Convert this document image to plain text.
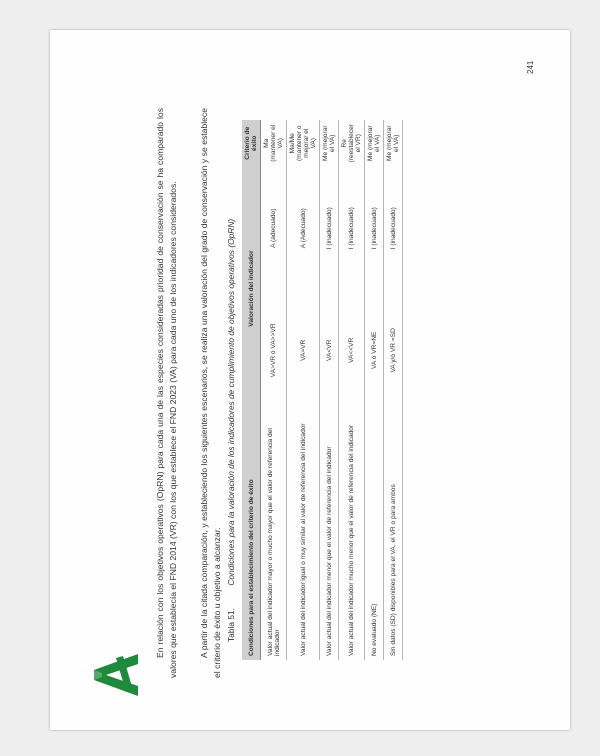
En relación con los objetivos operativos (OpRN) para cada una de las especies consideradas prioridad de conservación se ha comparado los valores que establecía el FND 2014 (VR) con los que establece el FND 2023 (VA) para cada uno de los indicadores considerados. A partir de la citada comparación, y estableciendo los siguientes escenarios, se realiza una valoración del grado de conservación y se establece el criterio de éxito u objetivo a alcanzar. Tabla 51. Condiciones para la valoración de los indicadores de cumplimiento de objetivos operativos (OpRN) Condiciones para el establecimiento del criterio de éxito	Valoración del indicador		Criterio de éxito
Valor actual del indicador mayor o mucho mayor que el valor de referencia del indicador	VA>VR ó VA>>VR	A (adecuado)	Ma (mantener el VA)
Valor actual del indicador igual o muy similar al valor de referencia del indicador	VA≈VR	A (Adecuado)	Ma/Me (mantener o mejorar el VA)
Valor actual del indicador menor que el valor de referencia del indicador	VA<VR	I (inadecuado)	Me (mejorar el VA)
Valor actual del indicador mucho menor que el valor de referencia del indicador	VA<<VR	I (inadecuado)	Re (reestablecer el VR)
No evaluado (NE)	VA ó VR=NE	I (inadecuado)	Me (mejorar el VA)
Sin datos (SD) disponibles para el VA, el VR o para ambos	VA y/ó VR =SD	I (inadecuado)	Me (mejorar el VA)
241
